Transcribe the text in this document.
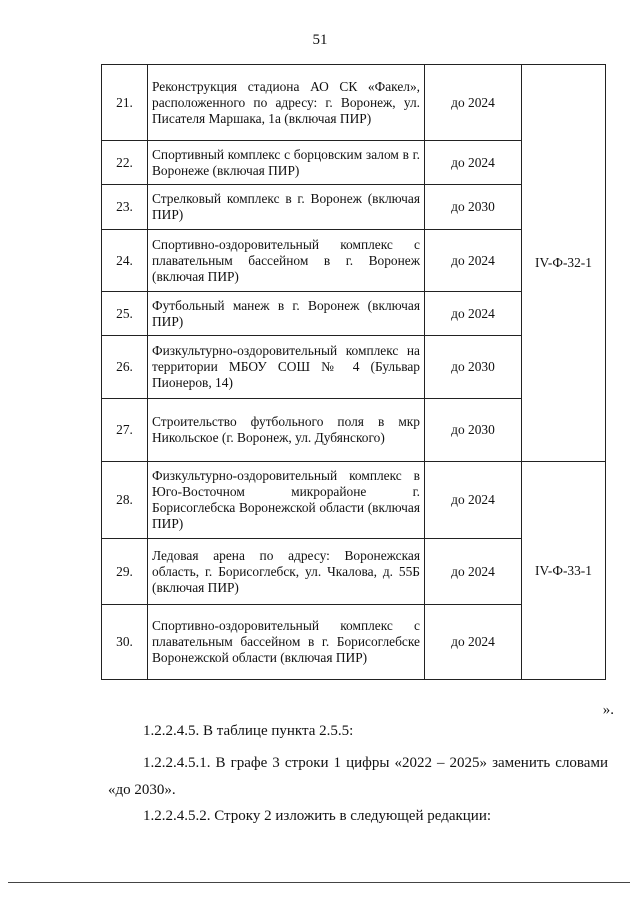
51
21.	Реконструкция стадиона АО СК «Факел», расположенного по адресу: г. Воронеж, ул. Писателя Маршака, 1а (включая ПИР)	до 2024	IV-Ф-32-1
22.	Спортивный комплекс с борцовским залом в г. Воронеже (включая ПИР)	до 2024	
23.	Стрелковый комплекс в г. Воронеж (включая ПИР)	до 2030	
24.	Спортивно-оздоровительный комплекс с плавательным бассейном в г. Воронеж (включая ПИР)	до 2024	
25.	Футбольный манеж в г. Воронеж (включая ПИР)	до 2024	
26.	Физкультурно-оздоровительный комплекс на территории МБОУ СОШ № 4 (Бульвар Пионеров, 14)	до 2030	
27.	Строительство футбольного поля в мкр Никольское (г. Воронеж, ул. Дубянского)	до 2030	
28.	Физкультурно-оздоровительный комплекс в Юго-Восточном микрорайоне г. Борисоглебска Воронежской области (включая ПИР)	до 2024	IV-Ф-33-1
29.	Ледовая арена по адресу: Воронежская область, г. Борисоглебск, ул. Чкалова, д. 55Б (включая ПИР)	до 2024	
30.	Спортивно-оздоровительный комплекс с плавательным бассейном в г. Борисоглебске Воронежской области (включая ПИР)	до 2024	
».
1.2.2.4.5. В таблице пункта 2.5.5:
1.2.2.4.5.1. В графе 3 строки 1 цифры «2022 – 2025» заменить словами «до 2030».
1.2.2.4.5.2. Строку 2 изложить в следующей редакции:
